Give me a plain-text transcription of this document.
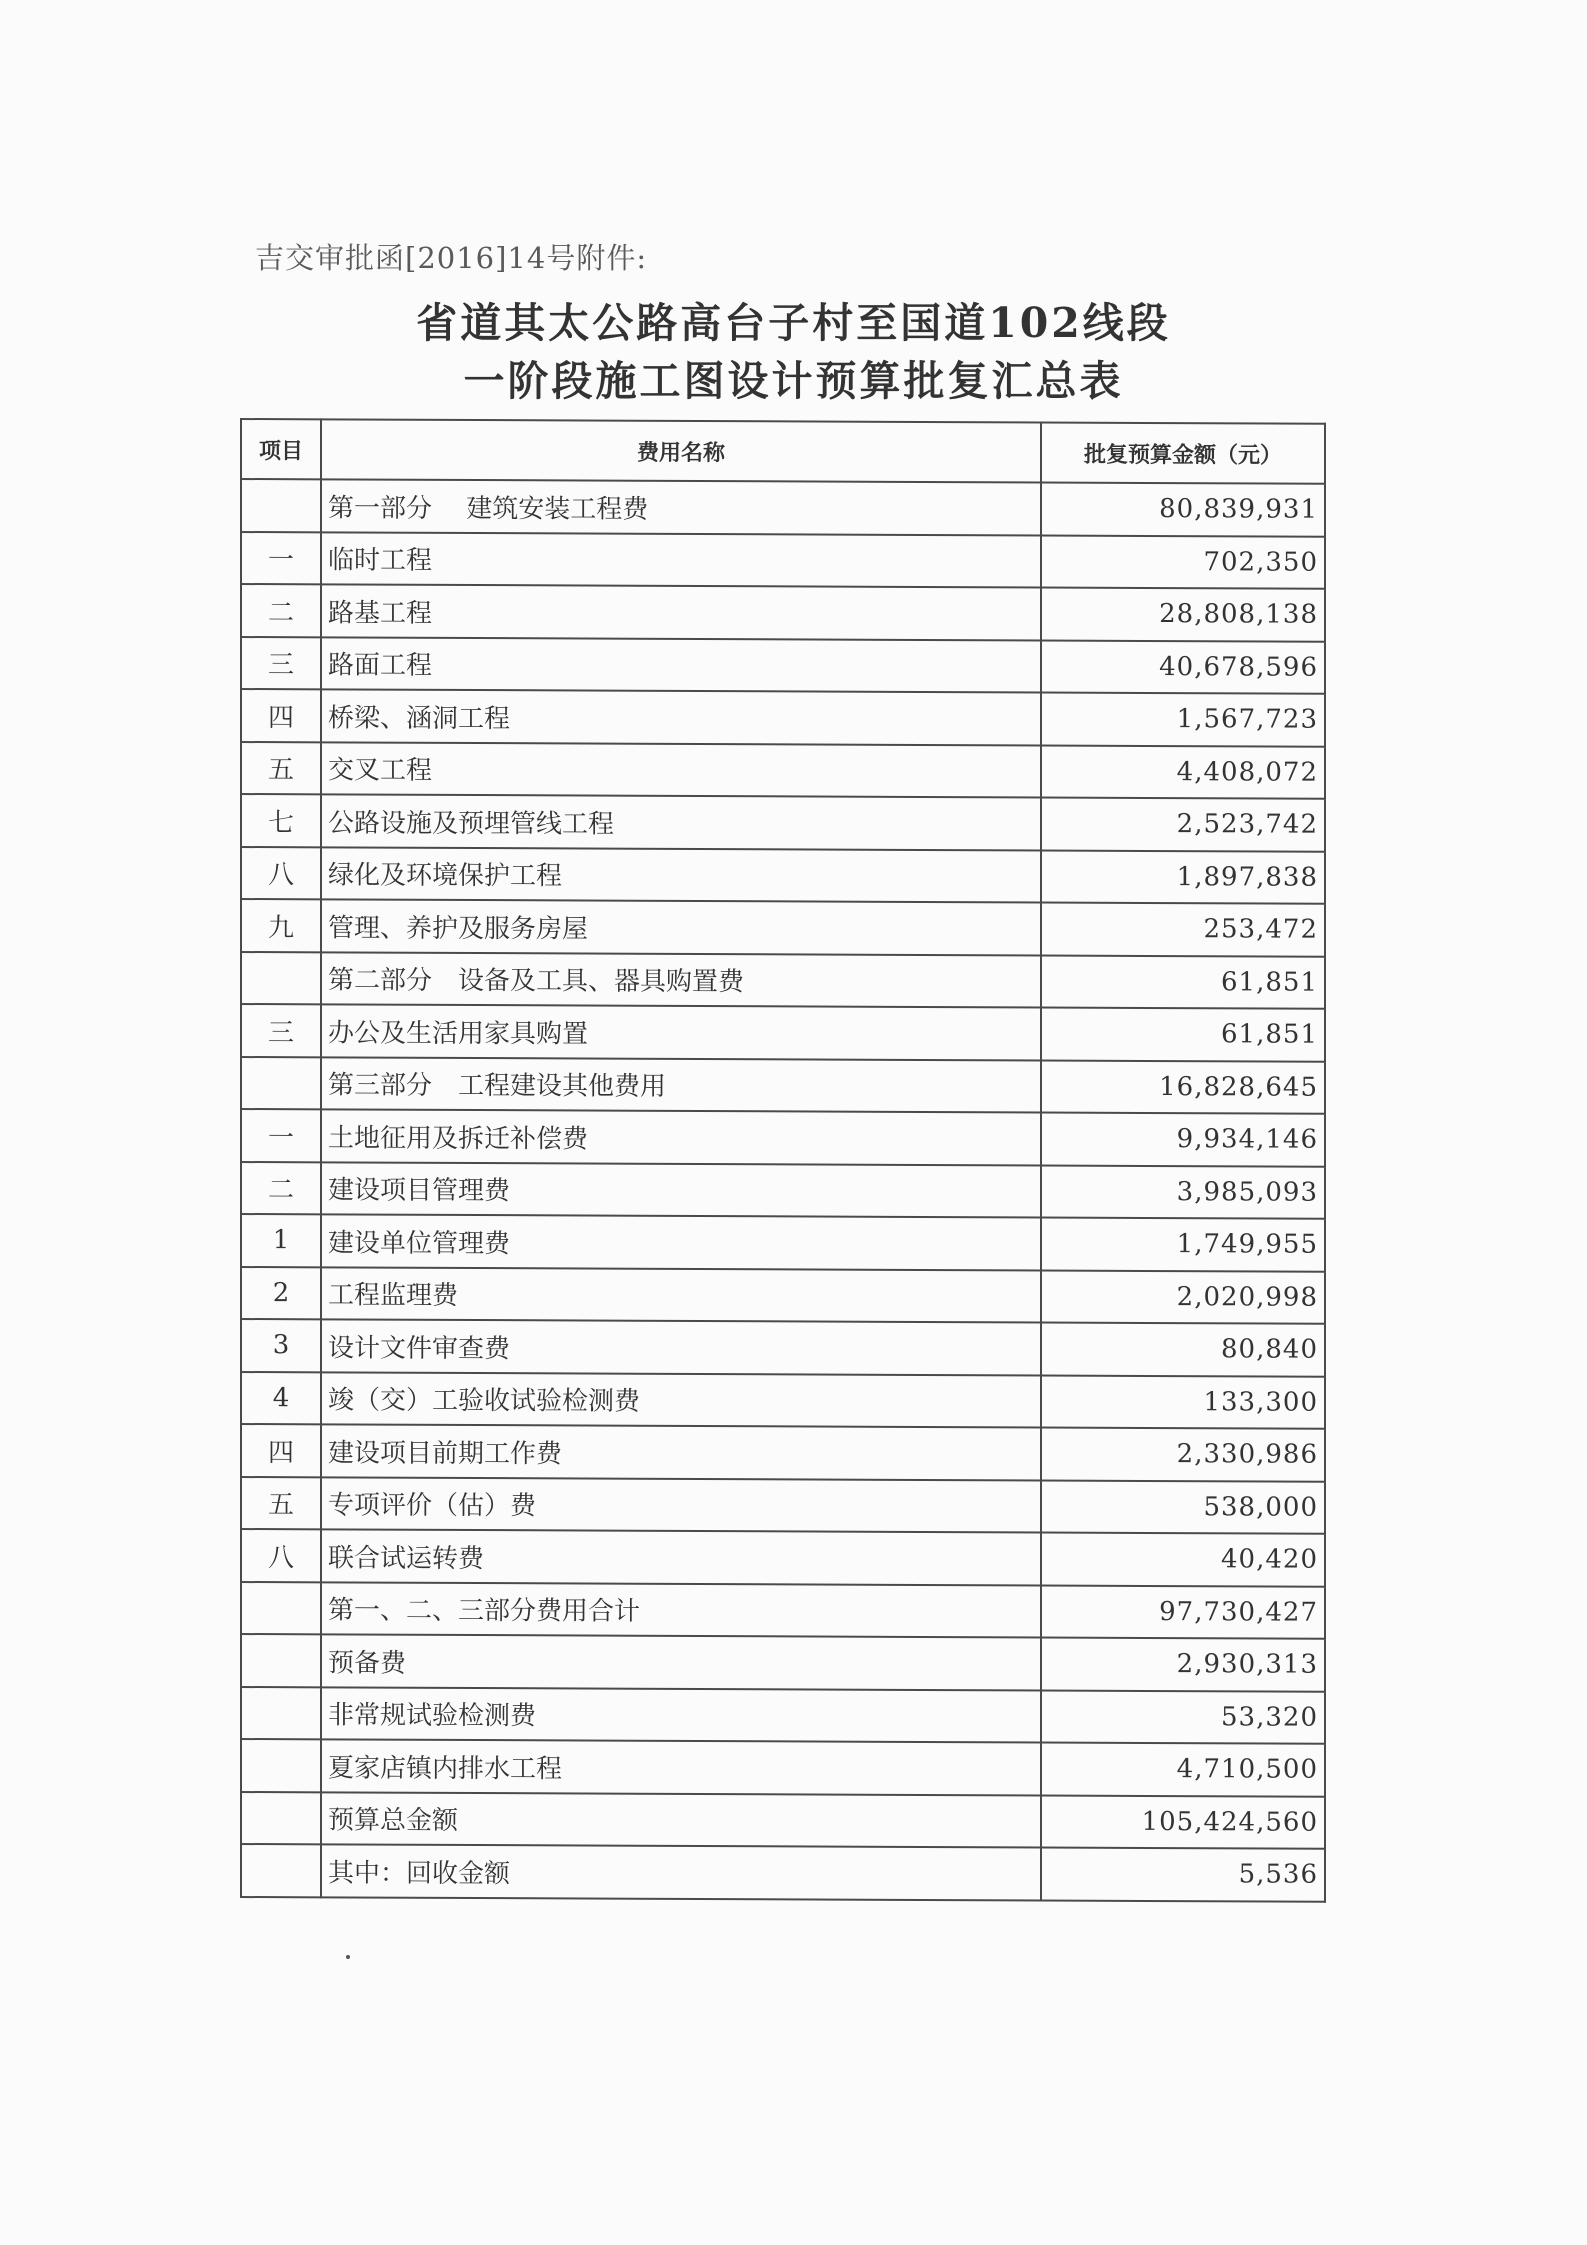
吉交审批函[2016]14号附件:
省道其太公路高台子村至国道102线段
一阶段施工图设计预算批复汇总表
项目	费用名称	批复预算金额（元）
	第一部分　 建筑安装工程费	80,839,931
一	临时工程	702,350
二	路基工程	28,808,138
三	路面工程	40,678,596
四	桥梁、涵洞工程	1,567,723
五	交叉工程	4,408,072
七	公路设施及预埋管线工程	2,523,742
八	绿化及环境保护工程	1,897,838
九	管理、养护及服务房屋	253,472
	第二部分　设备及工具、器具购置费	61,851
三	办公及生活用家具购置	61,851
	第三部分　工程建设其他费用	16,828,645
一	土地征用及拆迁补偿费	9,934,146
二	建设项目管理费	3,985,093
1	建设单位管理费	1,749,955
2	工程监理费	2,020,998
3	设计文件审查费	80,840
4	竣（交）工验收试验检测费	133,300
四	建设项目前期工作费	2,330,986
五	专项评价（估）费	538,000
八	联合试运转费	40,420
	第一、二、三部分费用合计	97,730,427
	预备费	2,930,313
	非常规试验检测费	53,320
	夏家店镇内排水工程	4,710,500
	预算总金额	105,424,560
	其中：回收金额	5,536
